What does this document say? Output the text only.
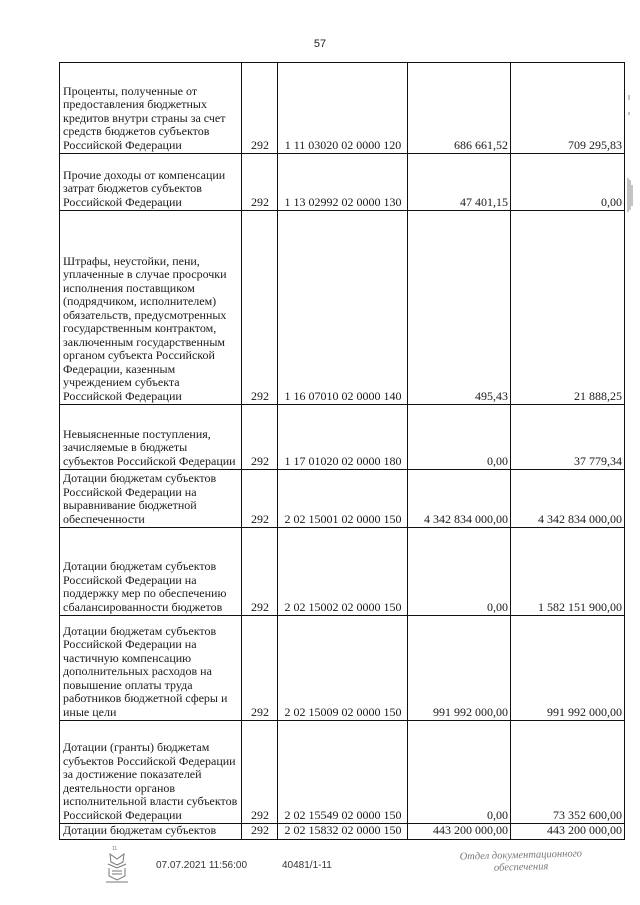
57
Проценты, полученные от предоставления бюджетных кредитов внутри страны за счет средств бюджетов субъектов Российской Федерации	292	1 11 03020 02 0000 120	686 661,52	709 295,83
Прочие доходы от компенсации затрат бюджетов субъектов Российской Федерации	292	1 13 02992 02 0000 130	47 401,15	0,00
Штрафы, неустойки, пени, уплаченные в случае просрочки исполнения поставщиком (подрядчиком, исполнителем) обязательств, предусмотренных государственным контрактом, заключенным государственным органом субъекта Российской Федерации, казенным учреждением субъекта Российской Федерации	292	1 16 07010 02 0000 140	495,43	21 888,25
Невыясненные поступления, зачисляемые в бюджеты субъектов Российской Федерации	292	1 17 01020 02 0000 180	0,00	37 779,34
Дотации бюджетам субъектов Российской Федерации на выравнивание бюджетной обеспеченности	292	2 02 15001 02 0000 150	4 342 834 000,00	4 342 834 000,00
Дотации бюджетам субъектов Российской Федерации на поддержку мер по обеспечению сбалансированности бюджетов	292	2 02 15002 02 0000 150	0,00	1 582 151 900,00
Дотации бюджетам субъектов Российской Федерации на частичную компенсацию дополнительных расходов на повышение оплаты труда работников бюджетной сферы и иные цели	292	2 02 15009 02 0000 150	991 992 000,00	991 992 000,00
Дотации (гранты) бюджетам субъектов Российской Федерации за достижение показателей деятельности органов исполнительной власти субъектов Российской Федерации	292	2 02 15549 02 0000 150	0,00	73 352 600,00
Дотации бюджетам субъектов	292	2 02 15832 02 0000 150	443 200 000,00	443 200 000,00
11
07.07.2021 11:56:00	40481/1-11
Отдел документационного
обеспечения
